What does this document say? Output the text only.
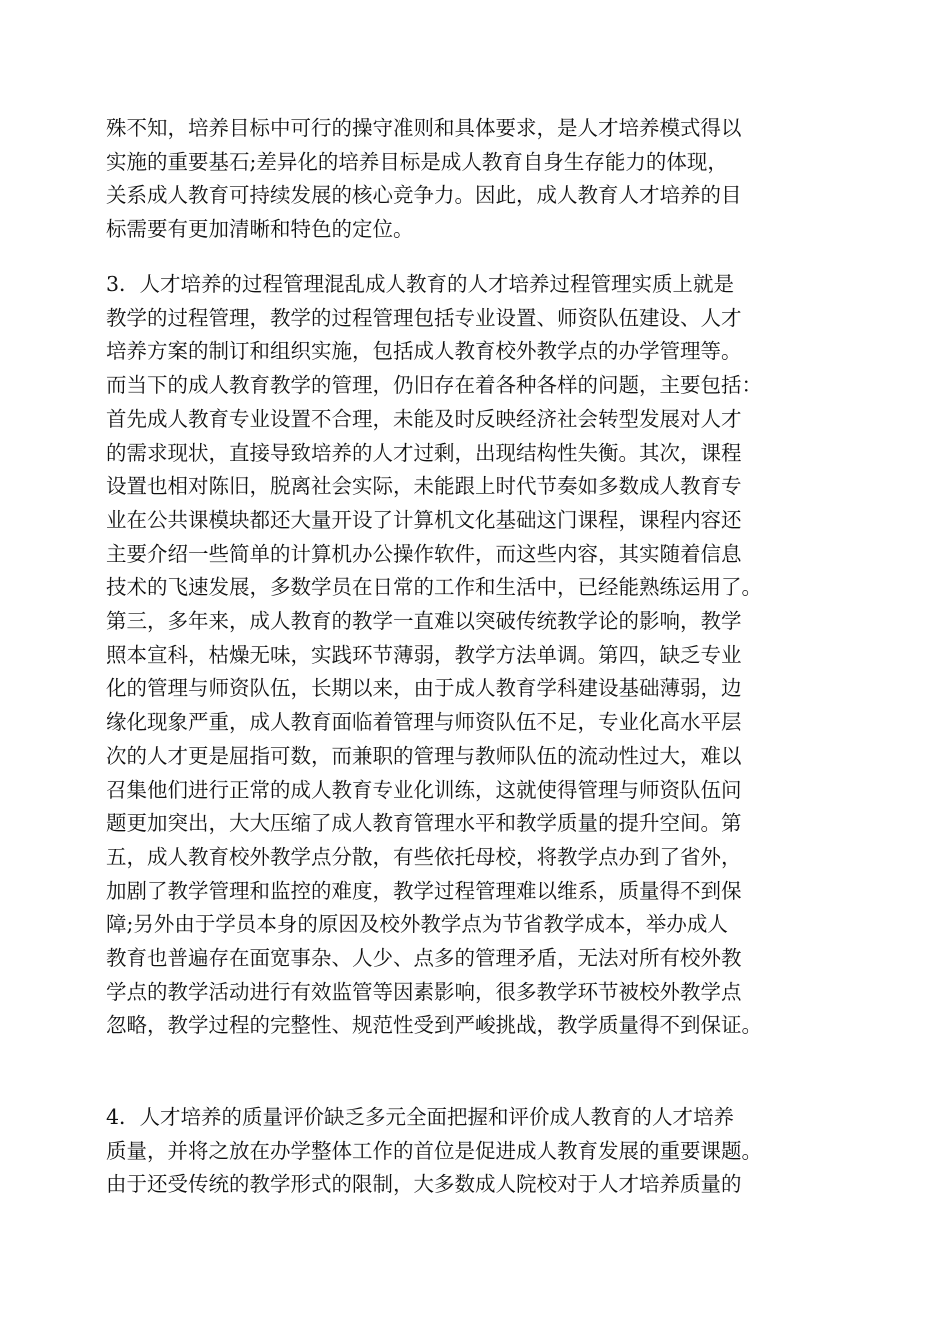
殊不知，培养目标中可行的操守准则和具体要求，是人才培养模式得以
实施的重要基石;差异化的培养目标是成人教育自身生存能力的体现，
关系成人教育可持续发展的核心竞争力。因此，成人教育人才培养的目
标需要有更加清晰和特色的定位。

3．人才培养的过程管理混乱成人教育的人才培养过程管理实质上就是
教学的过程管理，教学的过程管理包括专业设置、师资队伍建设、人才
培养方案的制订和组织实施，包括成人教育校外教学点的办学管理等。
而当下的成人教育教学的管理，仍旧存在着各种各样的问题，主要包括：
首先成人教育专业设置不合理，未能及时反映经济社会转型发展对人才
的需求现状，直接导致培养的人才过剩，出现结构性失衡。其次，课程
设置也相对陈旧，脱离社会实际，未能跟上时代节奏如多数成人教育专
业在公共课模块都还大量开设了计算机文化基础这门课程，课程内容还
主要介绍一些简单的计算机办公操作软件，而这些内容，其实随着信息
技术的飞速发展，多数学员在日常的工作和生活中，已经能熟练运用了。
第三，多年来，成人教育的教学一直难以突破传统教学论的影响，教学
照本宣科，枯燥无味，实践环节薄弱，教学方法单调。第四，缺乏专业
化的管理与师资队伍，长期以来，由于成人教育学科建设基础薄弱，边
缘化现象严重，成人教育面临着管理与师资队伍不足，专业化高水平层
次的人才更是屈指可数，而兼职的管理与教师队伍的流动性过大，难以
召集他们进行正常的成人教育专业化训练，这就使得管理与师资队伍问
题更加突出，大大压缩了成人教育管理水平和教学质量的提升空间。第
五，成人教育校外教学点分散，有些依托母校，将教学点办到了省外，
加剧了教学管理和监控的难度，教学过程管理难以维系，质量得不到保
障;另外由于学员本身的原因及校外教学点为节省教学成本，举办成人
教育也普遍存在面宽事杂、人少、点多的管理矛盾，无法对所有校外教
学点的教学活动进行有效监管等因素影响，很多教学环节被校外教学点
忽略，教学过程的完整性、规范性受到严峻挑战，教学质量得不到保证。

4．人才培养的质量评价缺乏多元全面把握和评价成人教育的人才培养
质量，并将之放在办学整体工作的首位是促进成人教育发展的重要课题。
由于还受传统的教学形式的限制，大多数成人院校对于人才培养质量的
